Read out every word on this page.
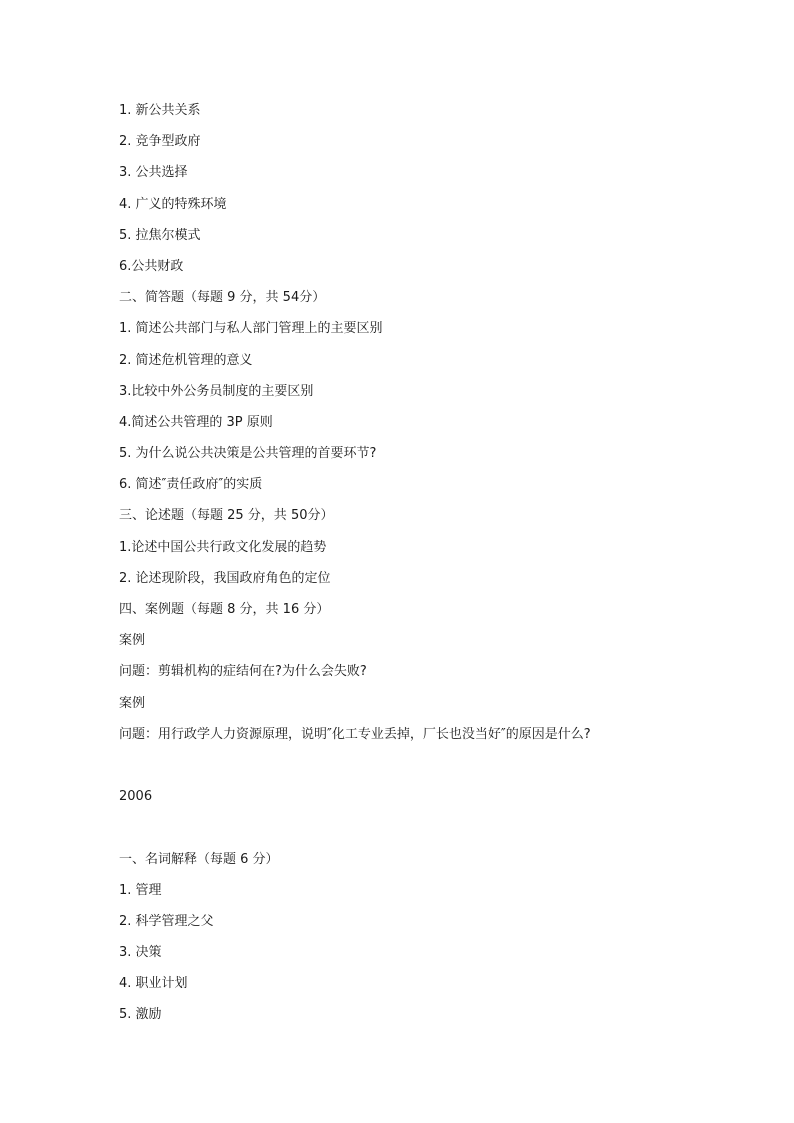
1. 新公共关系
2. 竞争型政府
3. 公共选择
4. 广义的特殊环境
5. 拉焦尔模式
6.公共财政
二、简答题（每题 9 分，共 54分）
1. 简述公共部门与私人部门管理上的主要区别
2. 简述危机管理的意义
3.比较中外公务员制度的主要区别
4.简述公共管理的 3P 原则
5. 为什么说公共决策是公共管理的首要环节?
6. 简述″责任政府″的实质
三、论述题（每题 25 分，共 50分）
1.论述中国公共行政文化发展的趋势
2. 论述现阶段，我国政府角色的定位
四、案例题（每题 8 分，共 16 分）
案例
问题：剪辑机构的症结何在?为什么会失败?
案例
问题：用行政学人力资源原理，说明″化工专业丢掉，厂长也没当好″的原因是什么?
2006
一、名词解释（每题 6 分）
1. 管理
2. 科学管理之父
3. 决策
4. 职业计划
5. 激励
